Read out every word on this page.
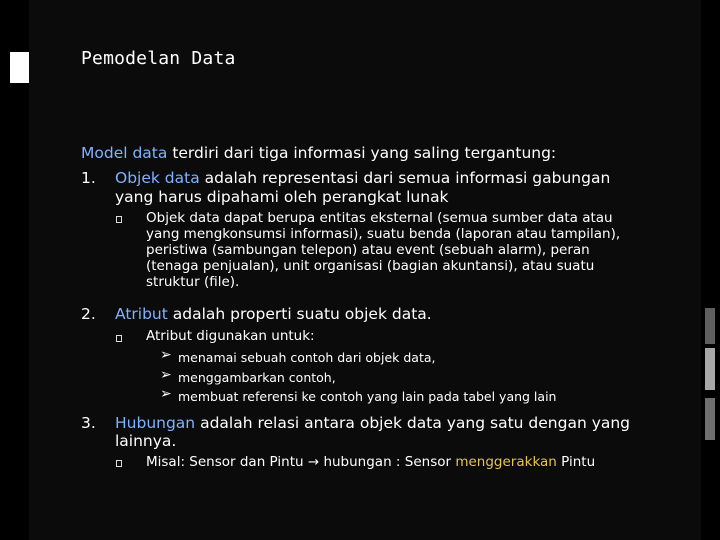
Pemodelan Data
Model data terdiri dari tiga informasi yang saling tergantung:
1. Objek data adalah representasi dari semua informasi gabungan
yang harus dipahami oleh perangkat lunak
Objek data dapat berupa entitas eksternal (semua sumber data atau
yang mengkonsumsi informasi), suatu benda (laporan atau tampilan),
peristiwa (sambungan telepon) atau event (sebuah alarm), peran
(tenaga penjualan), unit organisasi (bagian akuntansi), atau suatu
struktur (file).
2. Atribut adalah properti suatu objek data.
Atribut digunakan untuk:
➢ menamai sebuah contoh dari objek data,
➢ menggambarkan contoh,
➢ membuat referensi ke contoh yang lain pada tabel yang lain
3. Hubungan adalah relasi antara objek data yang satu dengan yang
lainnya.
Misal: Sensor dan Pintu → hubungan : Sensor menggerakkan Pintu
